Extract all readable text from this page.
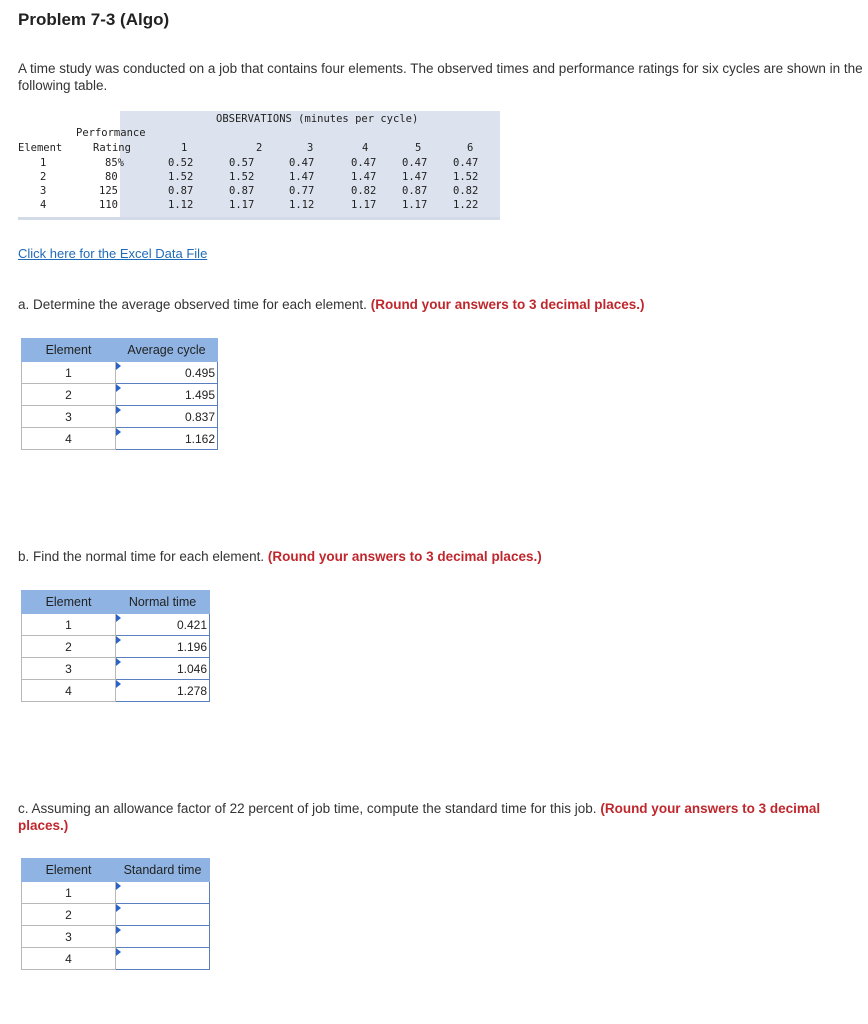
Problem 7-3 (Algo)
A time study was conducted on a job that contains four elements. The observed times and performance ratings for six cycles are shown in the following table.
OBSERVATIONS (minutes per cycle)
Performance
Element	Rating	1	2	3	4	5	6
1	85%	0.52	0.57	0.47	0.47 0.47 0.47
2	80	1.52	1.52	1.47	1.47 1.47 1.52
3	125	0.87	0.87	0.77	0.82 0.87 0.82
4	110	1.12	1.17	1.12	1.17 1.17 1.22
Click here for the Excel Data File
a. Determine the average observed time for each element. (Round your answers to 3 decimal places.)
Element	Average cycle
1	0.495
2	1.495
3	0.837
4	1.162
b. Find the normal time for each element. (Round your answers to 3 decimal places.)
Element	Normal time
1	0.421
2	1.196
3	1.046
4	1.278
c. Assuming an allowance factor of 22 percent of job time, compute the standard time for this job. (Round your answers to 3 decimal places.)
Element	Standard time
1	

2	

3	

4	
